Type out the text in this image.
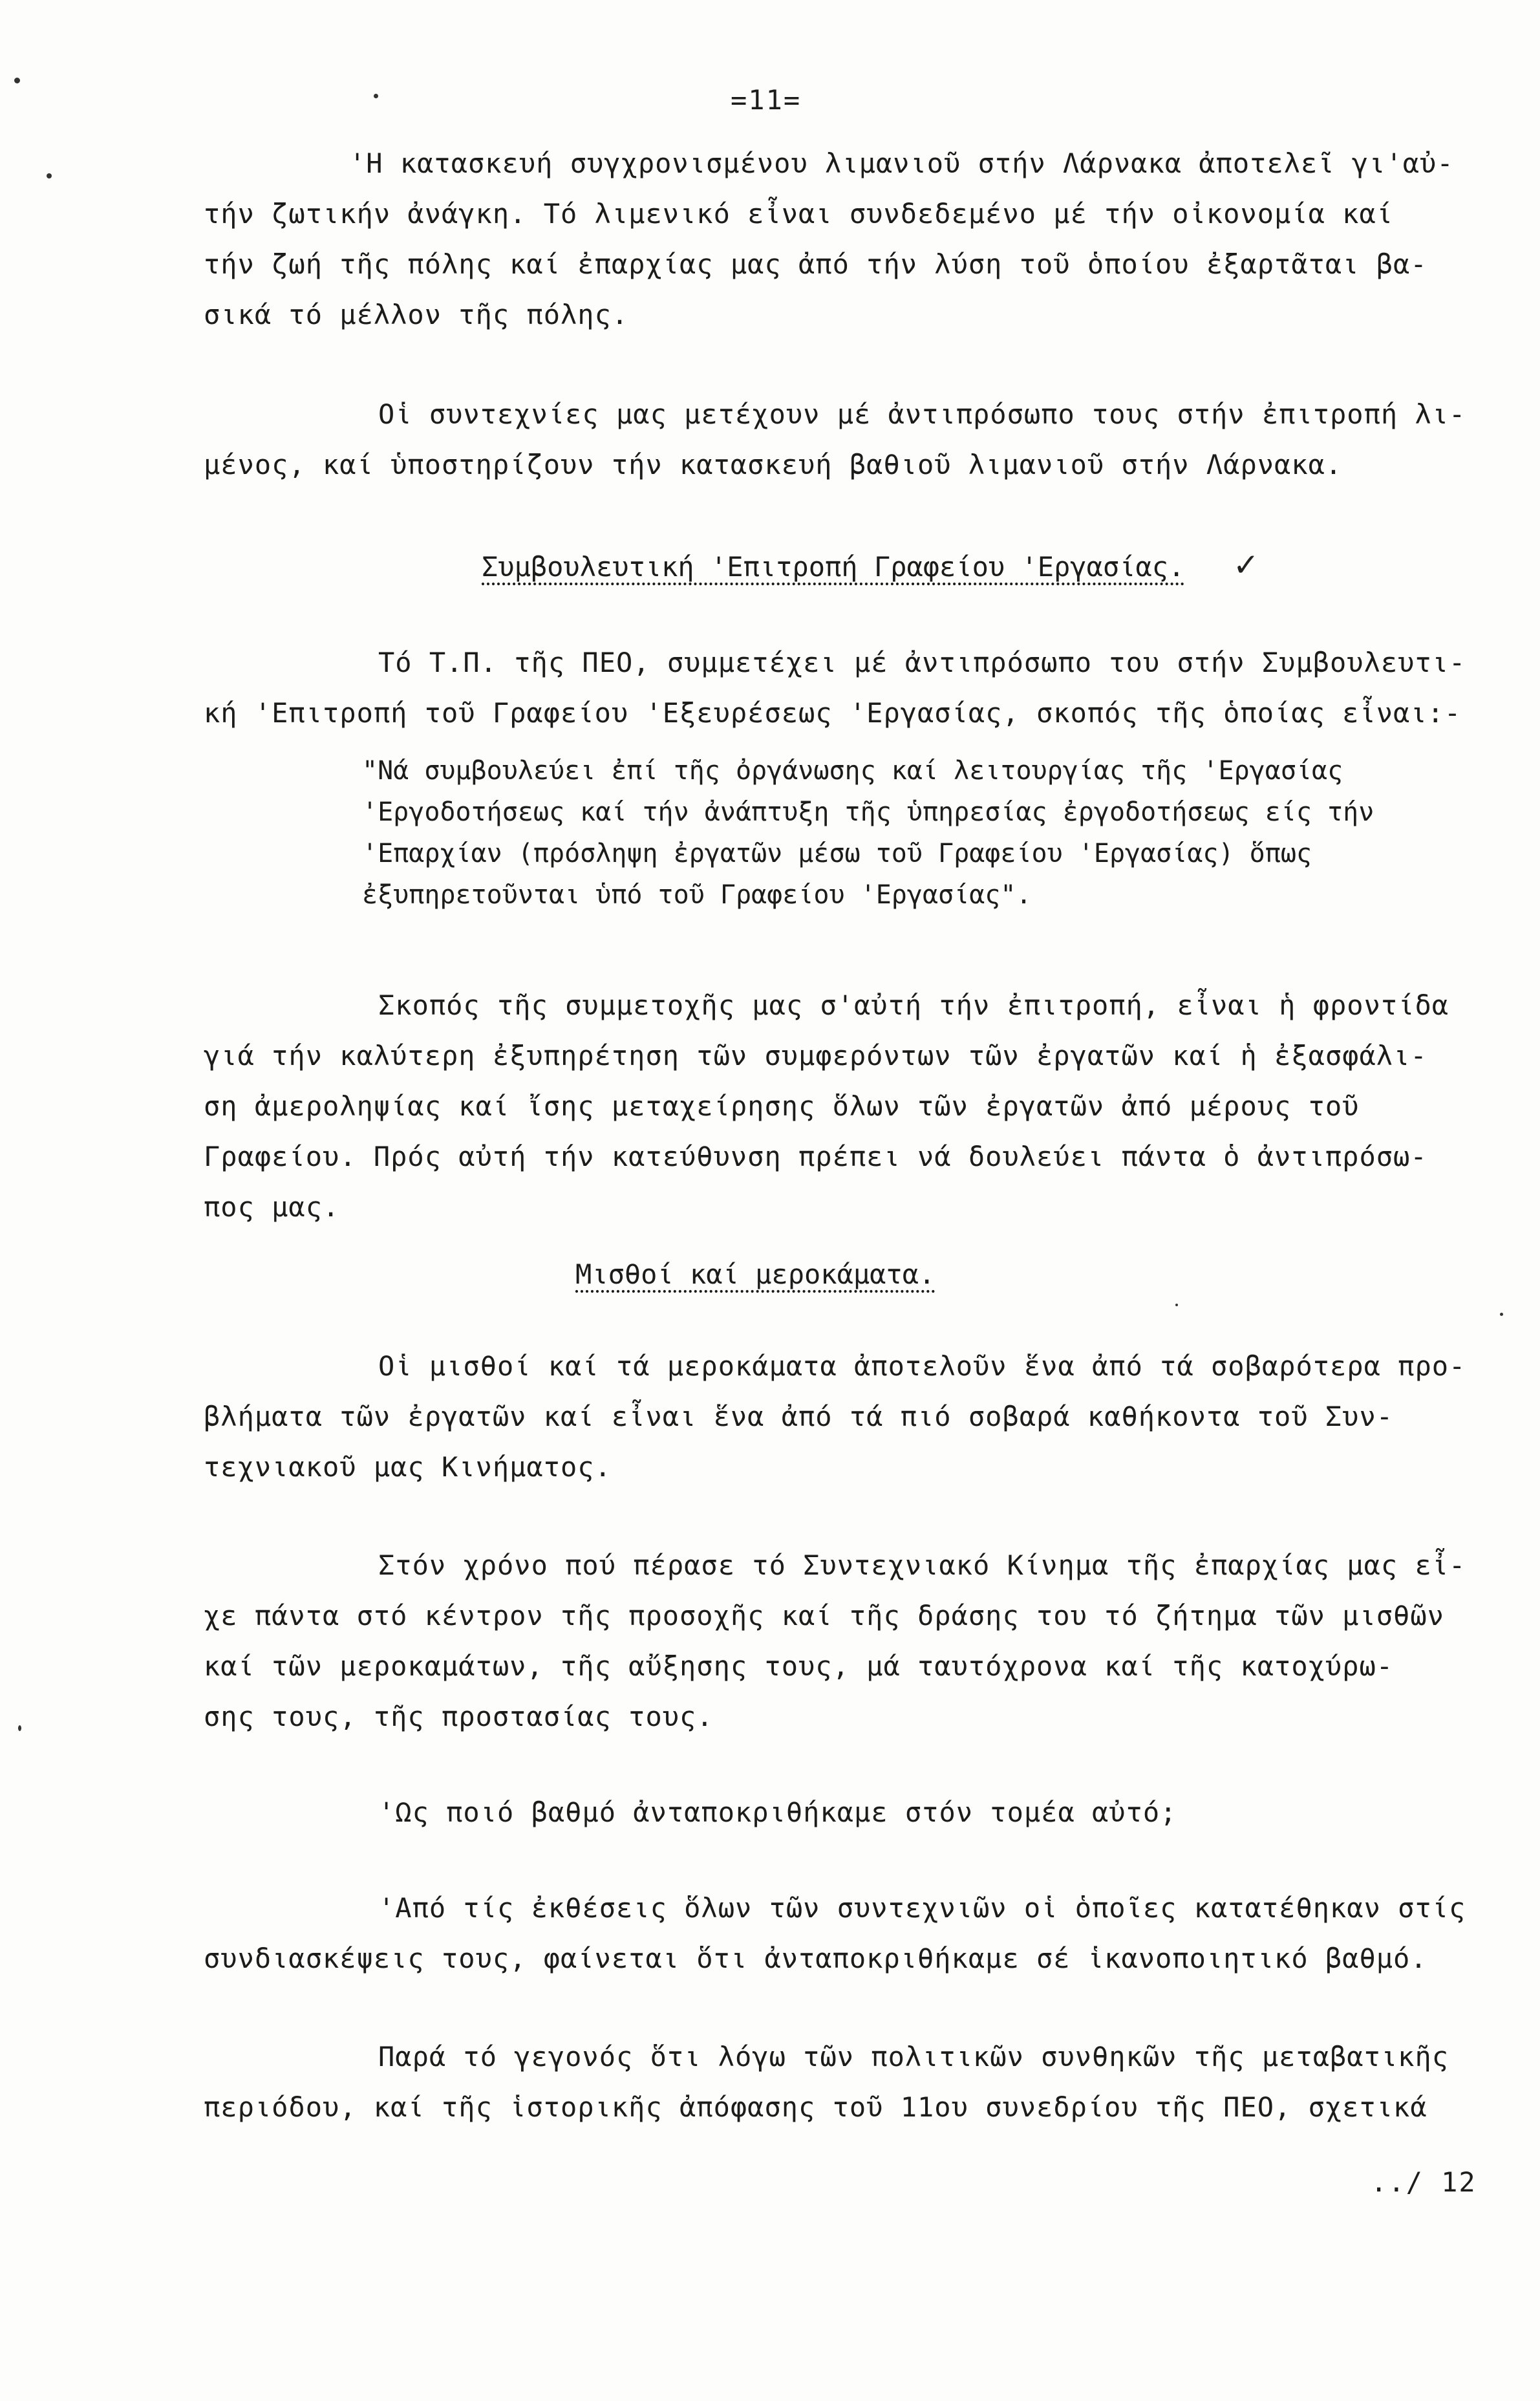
=11=
'Η κατασκευή συγχρονισμένου λιμανιοῦ στήν Λάρνακα ἀποτελεῖ γι'αὐ-
τήν ζωτικήν ἀνάγκη. Τό λιμενικό εἶναι συνδεδεμένο μέ τήν οἰκονομία καί
τήν ζωή τῆς πόλης καί ἐπαρχίας μας ἀπό τήν λύση τοῦ ὁποίου ἐξαρτᾶται βα-
σικά τό μέλλον τῆς πόλης.
Οἱ συντεχνίες μας μετέχουν μέ ἀντιπρόσωπο τους στήν ἐπιτροπή λι-
μένος, καί ὑποστηρίζουν τήν κατασκευή βαθιοῦ λιμανιοῦ στήν Λάρνακα.
Συμβουλευτική 'Επιτροπή Γραφείου 'Εργασίας. ✓
Τό Τ.Π. τῆς ΠΕΟ, συμμετέχει μέ ἀντιπρόσωπο του στήν Συμβουλευτι-
κή 'Επιτροπή τοῦ Γραφείου 'Εξευρέσεως 'Εργασίας, σκοπός τῆς ὁποίας εἶναι:-
"Νά συμβουλεύει ἐπί τῆς ὀργάνωσης καί λειτουργίας τῆς 'Εργασίας
'Εργοδοτήσεως καί τήν ἀνάπτυξη τῆς ὑπηρεσίας ἐργοδοτήσεως είς τήν
'Επαρχίαν (πρόσληψη ἐργατῶν μέσω τοῦ Γραφείου 'Εργασίας) ὅπως
ἐξυπηρετοῦνται ὑπό τοῦ Γραφείου 'Εργασίας".
Σκοπός τῆς συμμετοχῆς μας σ'αὐτή τήν ἐπιτροπή, εἶναι ἡ φροντίδα
γιά τήν καλύτερη ἐξυπηρέτηση τῶν συμφερόντων τῶν ἐργατῶν καί ἡ ἐξασφάλι-
ση ἀμεροληψίας καί ἴσης μεταχείρησης ὅλων τῶν ἐργατῶν ἀπό μέρους τοῦ
Γραφείου. Πρός αὐτή τήν κατεύθυνση πρέπει νά δουλεύει πάντα ὁ ἀντιπρόσω-
πος μας.
Μισθοί καί μεροκάματα.
Οἱ μισθοί καί τά μεροκάματα ἀποτελοῦν ἕνα ἀπό τά σοβαρότερα προ-
βλήματα τῶν ἐργατῶν καί εἶναι ἕνα ἀπό τά πιό σοβαρά καθήκοντα τοῦ Συν-
τεχνιακοῦ μας Κινήματος.
Στόν χρόνο πού πέρασε τό Συντεχνιακό Κίνημα τῆς ἐπαρχίας μας εἶ-
χε πάντα στό κέντρον τῆς προσοχῆς καί τῆς δράσης του τό ζήτημα τῶν μισθῶν
καί τῶν μεροκαμάτων, τῆς αὔξησης τους, μά ταυτόχρονα καί τῆς κατοχύρω-
σης τους, τῆς προστασίας τους.
'Ως ποιό βαθμό ἀνταποκριθήκαμε στόν τομέα αὐτό;
'Από τίς ἐκθέσεις ὅλων τῶν συντεχνιῶν οἱ ὁποῖες κατατέθηκαν στίς
συνδιασκέψεις τους, φαίνεται ὅτι ἀνταποκριθήκαμε σέ ἱκανοποιητικό βαθμό.
Παρά τό γεγονός ὅτι λόγω τῶν πολιτικῶν συνθηκῶν τῆς μεταβατικῆς
περιόδου, καί τῆς ἱστορικῆς ἀπόφασης τοῦ 11ου συνεδρίου τῆς ΠΕΟ, σχετικά
../ 12
